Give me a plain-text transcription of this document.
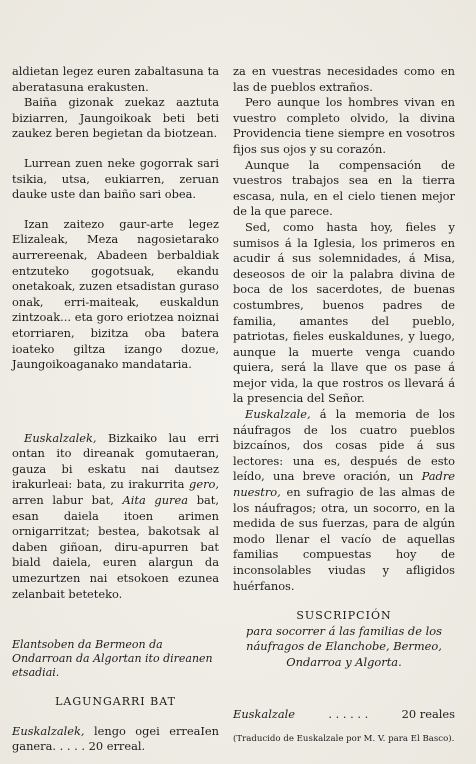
aldietan legez euren zabaltasuna ta aberatasuna erakusten.

Baiña gizonak zuekaz aaztuta biziarren, Jaungoikoak beti beti zaukez beren begietan da biotzean.

Lurrean zuen neke gogorrak sari tsikia, utsa, eukiarren, zeruan dauke uste dan baiño sari obea.

Izan zaitezo gaur-arte legez Elizaleak, Meza nagosietarako aurrereenak, Abadeen berbaldiak entzuteko gogotsuak, ekandu onetakoak, zuzen etsadistan guraso onak, erri-maiteak, euskaldun zintzoak... eta goro eriotzea noiznai etorriaren, bizitza oba batera ioateko giltza izango dozue, Jaungoikoaganako mandataria.

Euskalzalek, Bizkaiko lau erri ontan ito direanak gomutaeran, gauza bi eskatu nai dautsez irakurleai: bata, zu irakurrita gero, arren labur bat, Aita gurea bat, esan daiela itoen arimen ornigarritzat; bestea, bakotsak al daben giñoan, diru-apurren bat biald daiela, euren alargun da umezurtzen nai etsokoen ezunea zelanbait beteteko.

Elantsoben da Bermeon da Ondarroan da Algortan ito direanen etsadiai.
LAGUNGARRI BAT

Euskalzalek, lengo ogei erreaIen ganera. . . . . 20 erreal.

za en vuestras necesidades como en las de pueblos extraños.

Pero aunque los hombres vivan en vuestro completo olvido, la divina Providencia tiene siempre en vosotros fijos sus ojos y su corazón.

Aunque la compensación de vuestros trabajos sea en la tierra escasa, nula, en el cielo tienen mejor de la que parece.

Sed, como hasta hoy, fieles y sumisos á la Iglesia, los primeros en acudir á sus solemnidades, á Misa, deseosos de oir la palabra divina de boca de los sacerdotes, de buenas costumbres, buenos padres de familia, amantes del pueblo, patriotas, fieles euskaldunes, y luego, aunque la muerte venga cuando quiera, será la llave que os pase á mejor vida, la que rostros os llevará á la presencia del Señor.

Euskalzale, á la memoria de los náufragos de los cuatro pueblos bizcaínos, dos cosas pide á sus lectores: una es, después de esto leído, una breve oración, un Padre nuestro, en sufragio de las almas de los náufragos; otra, un socorro, en la medida de sus fuerzas, para de algún modo llenar el vacío de aquellas familias compuestas hoy de inconsolables viudas y afligidos huérfanos.

SUSCRIPCIÓN

para socorrer á las familias de los náufragos de Elanchobe, Bermeo, Ondarroa y Algorta.

Euskalzale	. . . . . .	20 reales

(Traducido de Euskalzale por M. V. para El Basco).
